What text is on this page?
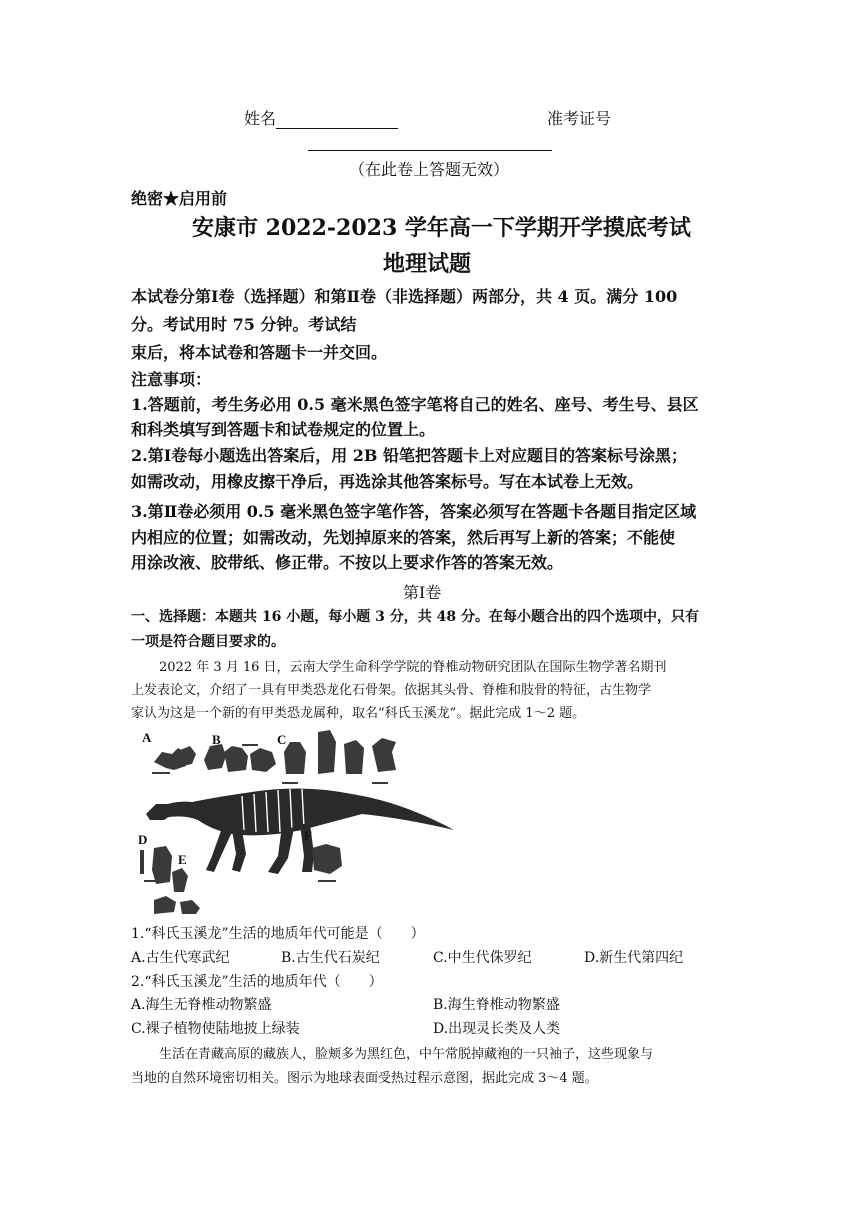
姓名	准考证号
（在此卷上答题无效）
绝密★启用前
安康市 2022-2023 学年高一下学期开学摸底考试
地理试题
本试卷分第Ⅰ卷（选择题）和第Ⅱ卷（非选择题）两部分，共 4 页。满分 100
分。考试用时 75 分钟。考试结
束后，将本试卷和答题卡一并交回。
注意事项：
1.答题前，考生务必用 0.5 毫米黑色签字笔将自己的姓名、座号、考生号、县区
和科类填写到答题卡和试卷规定的位置上。
2.第Ⅰ卷每小题选出答案后，用 2B 铅笔把答题卡上对应题目的答案标号涂黑；
如需改动，用橡皮擦干净后，再选涂其他答案标号。写在本试卷上无效。
3.第Ⅱ卷必须用 0.5 毫米黑色签字笔作答，答案必须写在答题卡各题目指定区域
内相应的位置；如需改动，先划掉原来的答案，然后再写上新的答案；不能使
用涂改液、胶带纸、修正带。不按以上要求作答的答案无效。
第Ⅰ卷
一、选择题：本题共 16 小题，每小题 3 分，共 48 分。在每小题合出的四个选项中，只有
一项是符合题目要求的。
2022 年 3 月 16 日，云南大学生命科学学院的脊椎动物研究团队在国际生物学著名期刊
上发表论文，介绍了一具有甲类恐龙化石骨架。依据其头骨、脊椎和肢骨的特征，古生物学
家认为这是一个新的有甲类恐龙属种，取名“科氏玉溪龙”。据此完成 1～2 题。
A	B	C
D
E
F
1.“科氏玉溪龙”生活的地质年代可能是（　　）
A.古生代寒武纪	B.古生代石炭纪	C.中生代侏罗纪	D.新生代第四纪
2.“科氏玉溪龙”生活的地质年代（　　）
A.海生无脊椎动物繁盛	B.海生脊椎动物繁盛
C.裸子植物使陆地披上绿装	D.出现灵长类及人类
生活在青藏高原的藏族人，脸颊多为黑红色，中午常脱掉藏袍的一只袖子，这些现象与
当地的自然环境密切相关。图示为地球表面受热过程示意图，据此完成 3～4 题。
